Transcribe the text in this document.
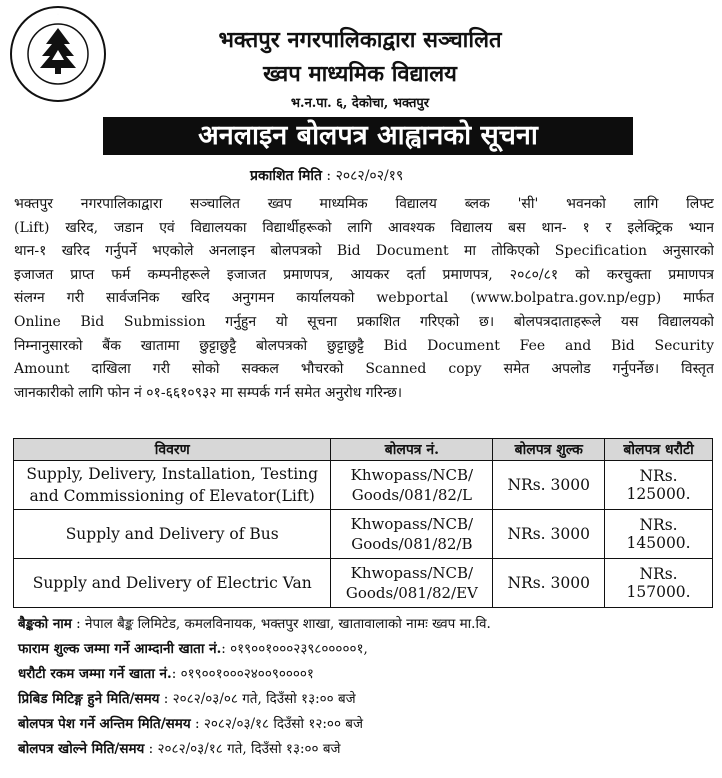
भक्तपुर नगरपालिकाद्वारा सञ्चालित
ख्वप माध्यमिक विद्यालय
भ.न.पा. ६, देकोचा, भक्तपुर
अनलाइन बोलपत्र आह्वानको सूचना
प्रकाशित मिति : २०८२/०२/१९
भक्तपुर नगरपालिकाद्वारा सञ्चालित ख्वप माध्यमिक विद्यालय ब्लक 'सी' भवनको लागि लिफ्ट
(Lift) खरिद, जडान एवं विद्यालयका विद्यार्थीहरूको लागि आवश्यक विद्यालय बस थान- १ र इलेक्ट्रिक भ्यान
थान-१ खरिद गर्नुपर्ने भएकोले अनलाइन बोलपत्रको Bid Document मा तोकिएको Specification अनुसारको
इजाजत प्राप्त फर्म कम्पनीहरूले इजाजत प्रमाणपत्र, आयकर दर्ता प्रमाणपत्र, २०८०/८१ को करचुक्ता प्रमाणपत्र
संलग्न गरी सार्वजनिक खरिद अनुगमन कार्यालयको webportal (www.bolpatra.gov.np/egp) मार्फत
Online Bid Submission गर्नुहुन यो सूचना प्रकाशित गरिएको छ। बोलपत्रदाताहरूले यस विद्यालयको
निम्नानुसारको बैंक खातामा छुट्टाछुट्टै बोलपत्रको छुट्टाछुट्टै Bid Document Fee and Bid Security
Amount दाखिला गरी सोको सक्कल भौचरको Scanned copy समेत अपलोड गर्नुपर्नेछ। विस्तृत
जानकारीको लागि फोन नं ०१-६६१०९३२ मा सम्पर्क गर्न समेत अनुरोध गरिन्छ।
विवरण	बोलपत्र नं.	बोलपत्र शुल्क	बोलपत्र धरौटी
Supply, Delivery, Installation, Testing
and Commissioning of Elevator(Lift)	Khwopass/NCB/
Goods/081/82/L	NRs. 3000	NRs. 125000.
Supply and Delivery of Bus	Khwopass/NCB/
Goods/081/82/B	NRs. 3000	NRs. 145000.
Supply and Delivery of Electric Van	Khwopass/NCB/
Goods/081/82/EV	NRs. 3000	NRs. 157000.
बैङ्कको नाम : नेपाल बैङ्क लिमिटेड, कमलविनायक, भक्तपुर शाखा, खातावालाको नामः ख्वप मा.वि.
फाराम शुल्क जम्मा गर्ने आम्दानी खाता नं.: ०१९००१०००२३९८०००००१,
धरौटी रकम जम्मा गर्ने खाता नं.: ०१९००१०००२४००९००००१
प्रिबिड मिटिङ्ग हुने मिति/समय : २०८२/०३/०८ गते, दिउँसो १३:०० बजे
बोलपत्र पेश गर्ने अन्तिम मिति/समय : २०८२/०३/१८ दिउँसो १२:०० बजे
बोलपत्र खोल्ने मिति/समय : २०८२/०३/१८ गते, दिउँसो १३:०० बजे
